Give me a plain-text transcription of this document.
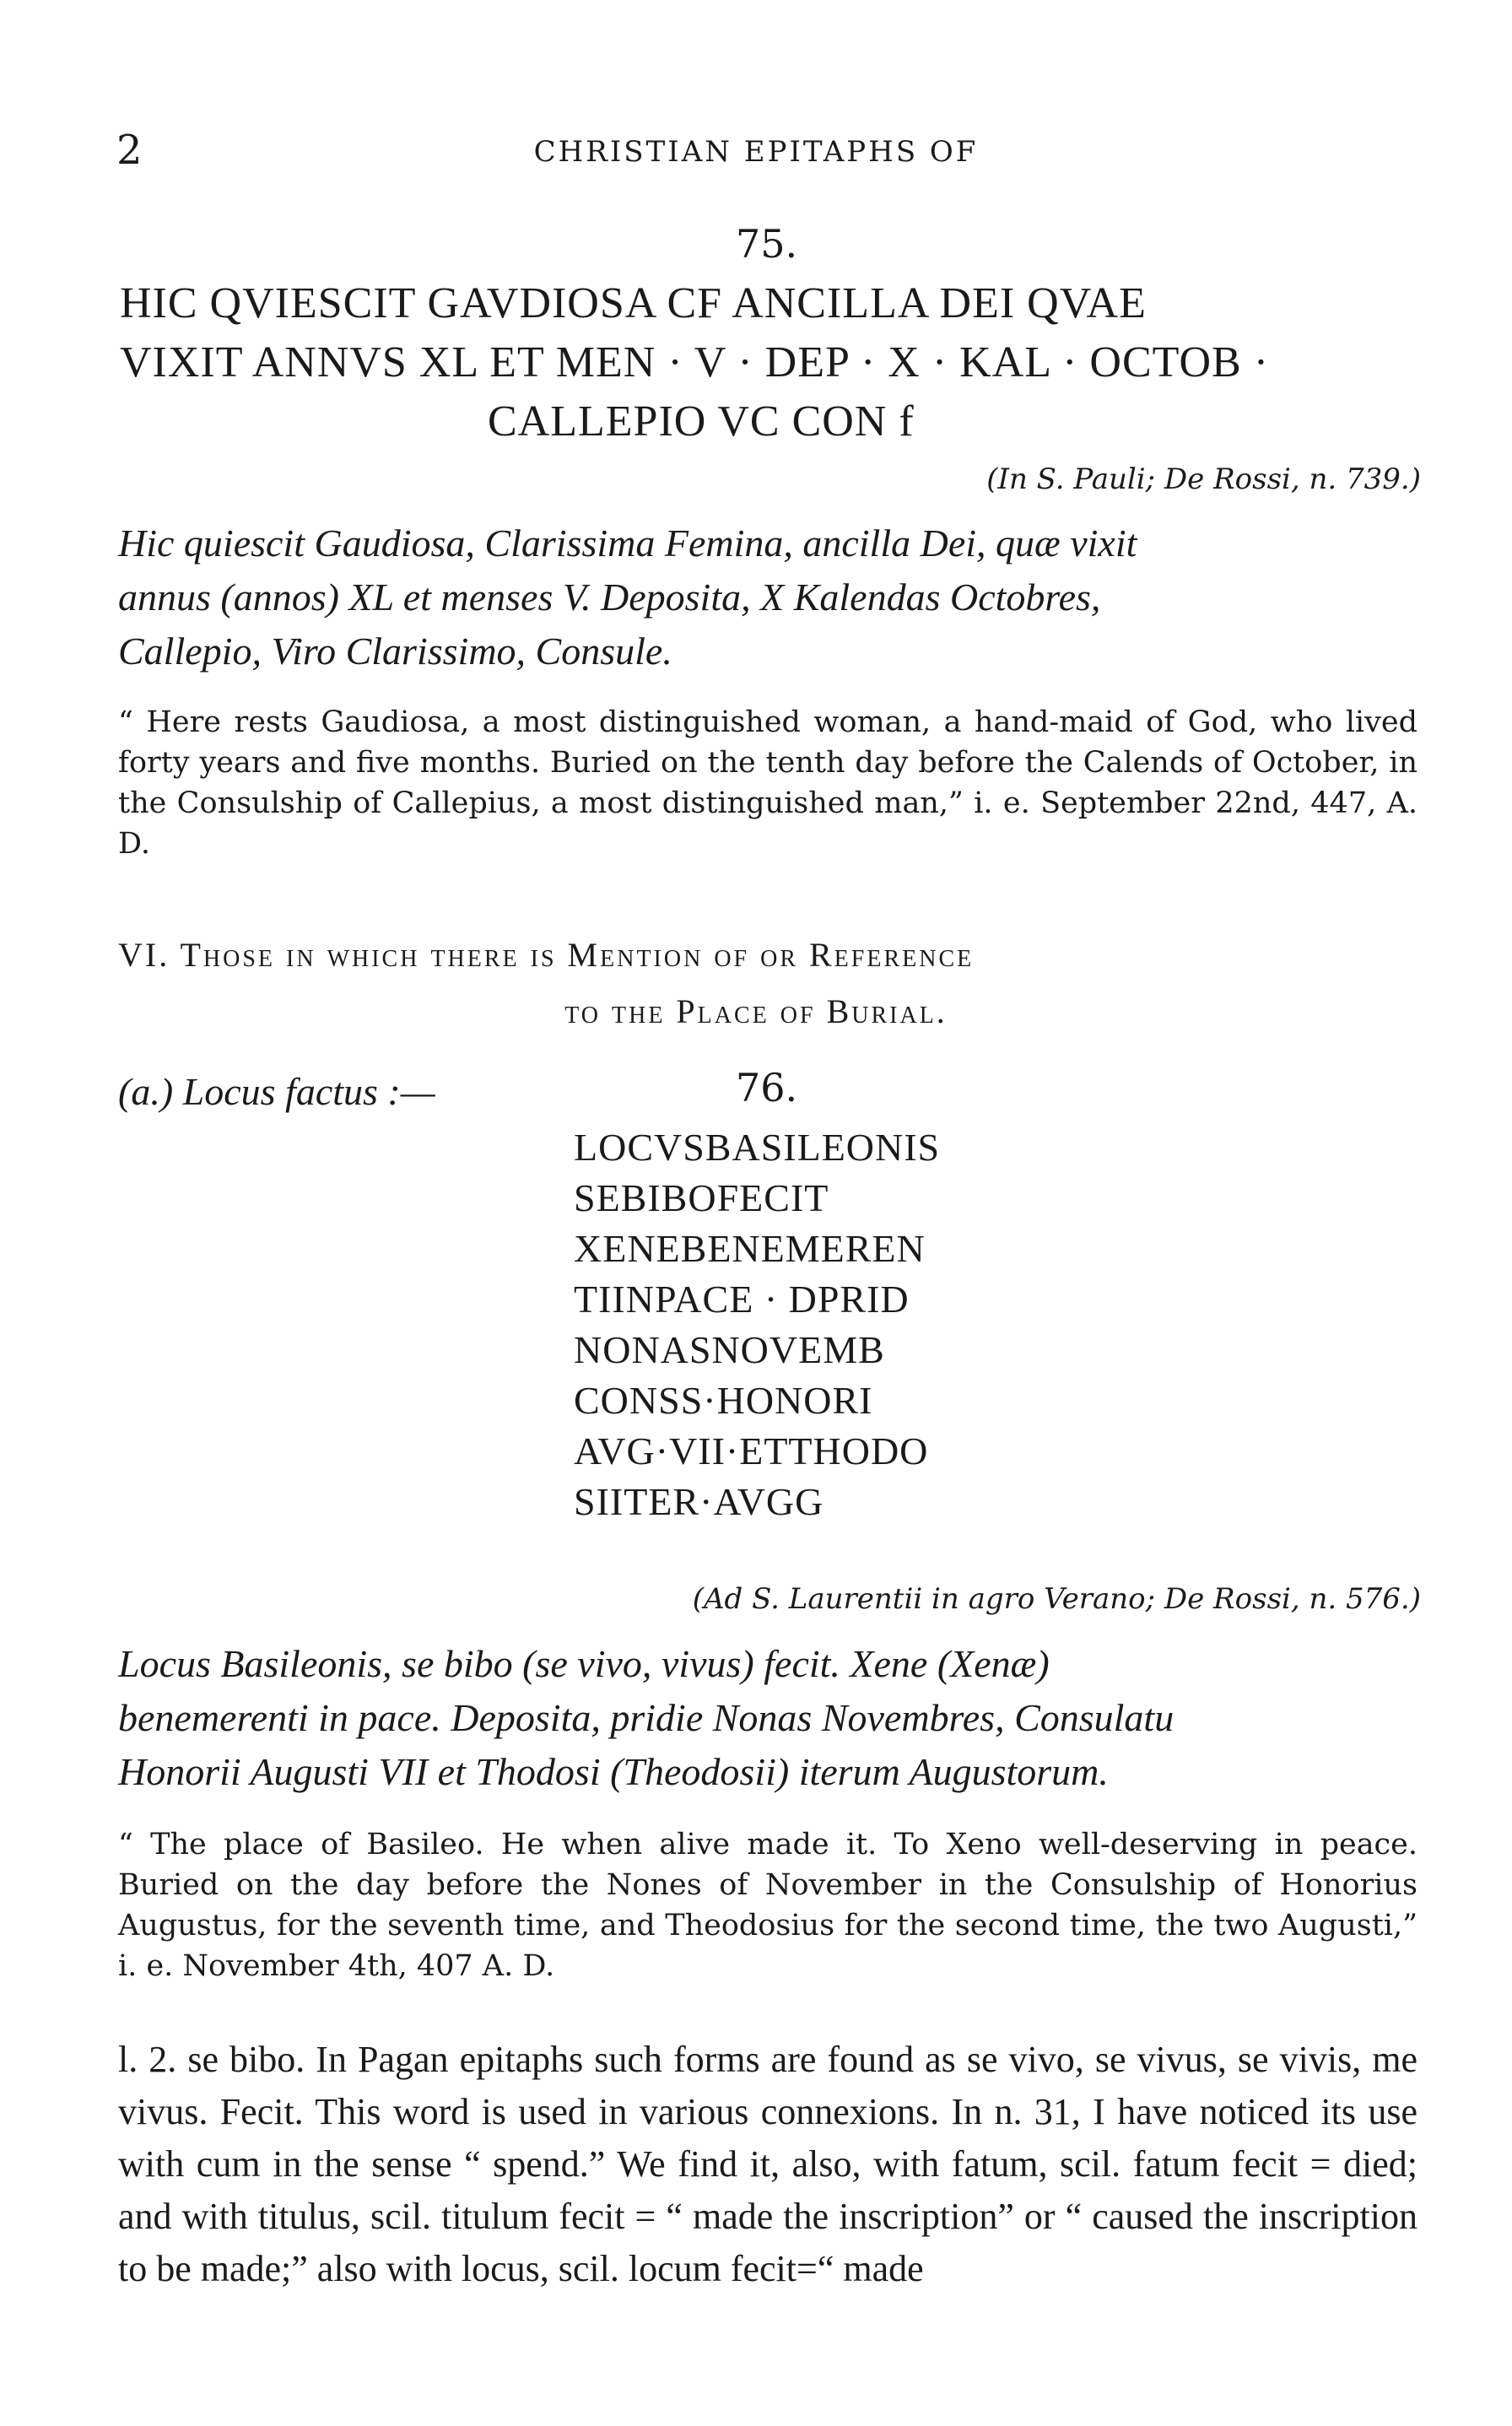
2	CHRISTIAN EPITAPHS OF
75.
HIC QVIESCIT GAVDIOSA CF ANCILLA DEI QVAE
VIXIT ANNVS XL ET MEN · V · DEP · X · KAL · OCTOB ·
CALLEPIO VC CON f
(In S. Pauli; De Rossi, n. 739.)
Hic quiescit Gaudiosa, Clarissima Femina, ancilla Dei, quæ vixit
annus (annos) XL et menses V. Deposita, X Kalendas Octobres,
Callepio, Viro Clarissimo, Consule.
“ Here rests Gaudiosa, a most distinguished woman, a hand-maid of God, who lived forty years and five months. Buried on the tenth day before the Calends of October, in the Consulship of Callepius, a most distinguished man,” i. e. September 22nd, 447, A. D.
VI. Those in which there is Mention of or Reference
to the Place of Burial.
(a.) Locus factus :—	76.
LOCVSBASILEONIS
SEBIBOFECIT
XENEBENEMEREN
TIINPACE · DPRID
NONASNOVEMB
CONSS·HONORI
AVG·VII·ETTHODO
SIITER·AVGG
(Ad S. Laurentii in agro Verano; De Rossi, n. 576.)
Locus Basileonis, se bibo (se vivo, vivus) fecit. Xene (Xenæ)
benemerenti in pace. Deposita, pridie Nonas Novembres, Consulatu
Honorii Augusti VII et Thodosi (Theodosii) iterum Augustorum.
“ The place of Basileo. He when alive made it. To Xeno well-deserving in peace. Buried on the day before the Nones of November in the Consulship of Honorius Augustus, for the seventh time, and Theodosius for the second time, the two Augusti,” i. e. November 4th, 407 A. D.
l. 2. se bibo. In Pagan epitaphs such forms are found as se vivo, se vivus, se vivis, me vivus. Fecit. This word is used in various connexions. In n. 31, I have noticed its use with cum in the sense “ spend.” We find it, also, with fatum, scil. fatum fecit = died; and with titulus, scil. titulum fecit = “ made the inscription” or “ caused the inscription to be made;” also with locus, scil. locum fecit=“ made
